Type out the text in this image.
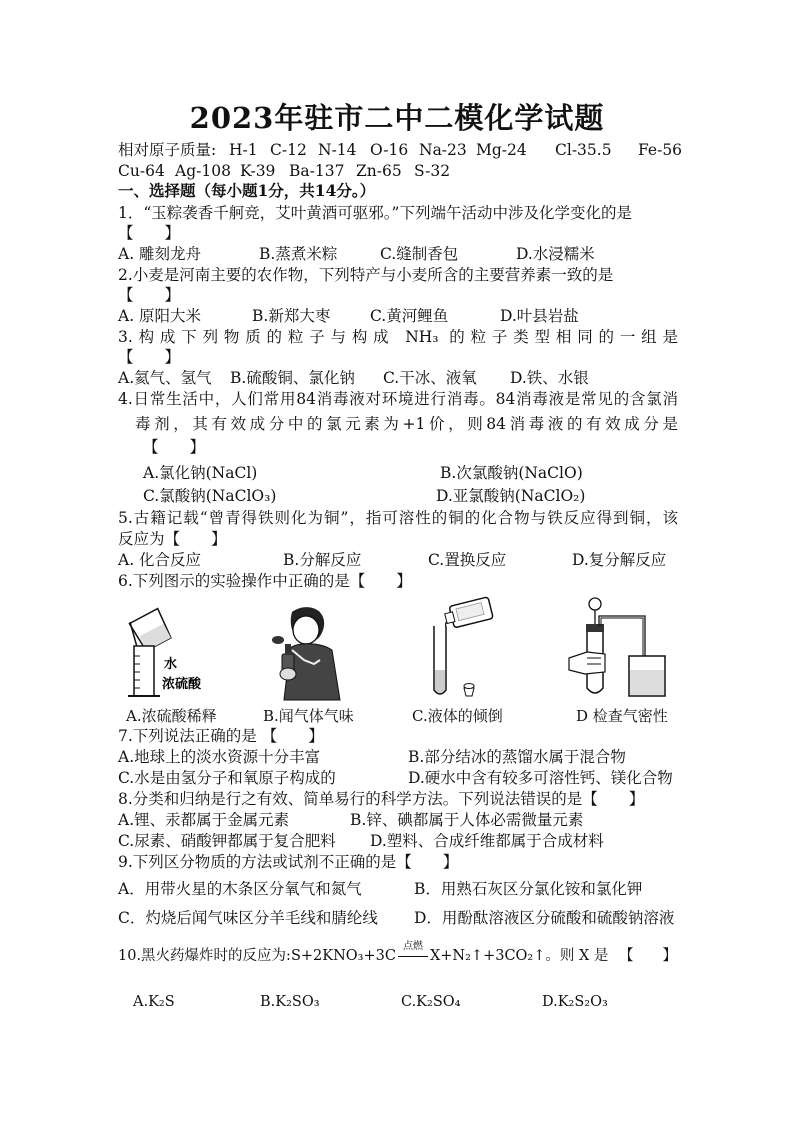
2023年驻市二中二模化学试题
相对原子质量: H-1 C-12 N-14 O-16 Na-23 Mg-24 Cl-35.5 Fe-56
Cu-64 Ag-108 K-39 Ba-137 Zn-65 S-32
一、选择题（每小题1分，共14分。）
1．“玉粽袭香千舸竞，艾叶黄酒可驱邪。”下列端午活动中涉及化学变化的是
【　　】
A. 雕刻龙舟	B.蒸煮米粽	C.缝制香包	D.水浸糯米
2.小麦是河南主要的农作物，下列特产与小麦所含的主要营养素一致的是
【　　】
A. 原阳大米	B.新郑大枣	C.黄河鲤鱼	D.叶县岩盐
3.构成下列物质的粒子与构成 NH₃ 的粒子类型相同的一组是
【　　】
A.氦气、氢气 B.硫酸铜、氯化钠 C.干冰、液氧 D.铁、水银
4.日常生活中，人们常用84消毒液对环境进行消毒。84消毒液是常见的含氯消
毒剂，其有效成分中的氯元素为+1价，则84消毒液的有效成分是
【　　】
A.氯化钠(NaCl)	B.次氯酸钠(NaClO)
C.氯酸钠(NaClO₃)	D.亚氯酸钠(NaClO₂)
5.古籍记载“曾青得铁则化为铜”，指可溶性的铜的化合物与铁反应得到铜，该
反应为【　　】
A. 化合反应	B.分解反应	C.置换反应	D.复分解反应
6.下列图示的实验操作中正确的是【　　】
水
浓硫酸
A.浓硫酸稀释	B.闻气体气味	C.液体的倾倒	D 检查气密性
7.下列说法正确的是 【　　】
A.地球上的淡水资源十分丰富	B.部分结冰的蒸馏水属于混合物
C.水是由氢分子和氧原子构成的	D.硬水中含有较多可溶性钙、镁化合物
8.分类和归纳是行之有效、简单易行的科学方法。下列说法错误的是【　　】
A.锂、汞都属于金属元素	B.锌、碘都属于人体必需微量元素
C.尿素、硝酸钾都属于复合肥料 D.塑料、合成纤维都属于合成材料
9.下列区分物质的方法或试剂不正确的是【　　】
A．用带火星的木条区分氧气和氮气	B．用熟石灰区分氯化铵和氯化钾
C．灼烧后闻气味区分羊毛线和腈纶线 D．用酚酞溶液区分硫酸和硫酸钠溶液
10.黑火药爆炸时的反应为:S+2KNO₃+3C
点燃
X+N₂↑+3CO₂↑。则 X 是 【　　】
A.K₂S	B.K₂SO₃	C.K₂SO₄	D.K₂S₂O₃
